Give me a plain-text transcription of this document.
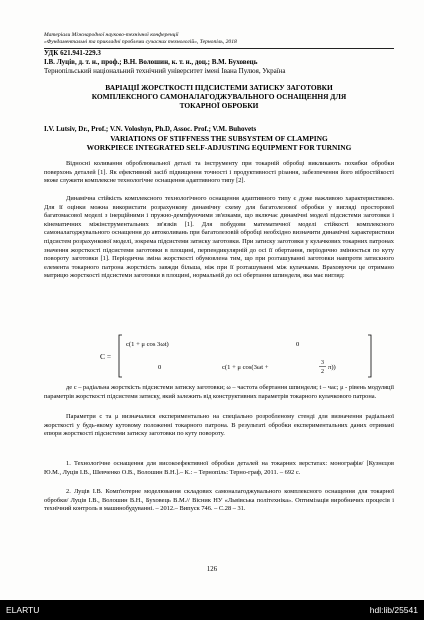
Матеріали Міжнародної науково-технічної конференції
«Фундаментальні та прикладні проблеми сучасних технологій», Тернопіль, 2018
УДК 621.941-229.3
І.В. Луців, д. т. н., проф.; В.Н. Волошин, к. т. н., доц.; В.М. Буховець
Тернопільський національний технічний університет імені Івана Пулюя, Україна
ВАРІАЦІЇ ЖОРСТКОСТІ ПІДСИСТЕМИ ЗАТИСКУ ЗАГОТОВКИ
КОМПЛЕКСНОГО САМОНАЛАГОДЖУВАЛЬНОГО ОСНАЩЕННЯ ДЛЯ
ТОКАРНОЇ ОБРОБКИ
I.V. Lutsiv, Dr., Prof.; V.N. Voloshyn, Ph.D, Assoc. Prof.; V.M. Buhovets
VARIATIONS OF STIFFNESS THE SUBSYSTEM OF CLAMPING
WORKPIECE INTEGRATED SELF-ADJUSTING EQUIPMENT FOR TURNING
Відносні коливання оброблювальної деталі та інструменту при токарній обробці викликають похибки обробки поверхонь деталей [1]. Як ефективний засіб підвищення точності і продуктивності різання, забезпечення його вібростійкості може служити комплексне технологічне оснащення адаптивного типу [2].
Динамічна стійкість комплексного технологічного оснащення адаптивного типу є дуже важливою характеристикою. Для її оцінки можна використати розрахункову динамічну схему для багатолезової обробки у вигляді просторової багатомасової моделі з інерційними і пружно-демпфуючими зв'язками, що включає динамічні моделі підсистеми заготовки і кінематичних міжінструментальних зв'язків [1]. Для побудови математичної моделі стійкості комплексного самоналагоджувального оснащення до автоколивань при багатолезовій обробці необхідно визначити динамічні характеристики підсистем розрахункової моделі, зокрема підсистеми затиску заготовки. При затиску заготовки у кулачкових токарних патронах значення жорсткості підсистеми заготовки в площині, перпендикулярній до осі її обертання, періодично змінюється по куту повороту заготовки [1]. Періодична зміна жорсткості обумовлена тим, що при розташуванні заготовки навпроти затискного елемента токарного патрона жорсткість завжди більша, ніж при її розташуванні між кулачками. Враховуючи це отримано матрицю жорсткості підсистеми заготовки в площині, нормальній до осі обертання шпинделя, яка має вигляд:
C =
c(1 + μ cos 3ωt)	0
0	c(1 + μ cos(3ωt +
3
2
π))
де c – радіальна жорсткість підсистеми затиску заготовки; ω – частота обертання шпинделя; t – час; μ - рівень модуляції параметрів жорсткості підсистеми затиску, який залежить від конструктивних параметрів токарного кулачкового патрона.
Параметри c та μ визначалися експериментально на спеціально розробленому стенді для визначення радіальної жорсткості у будь-якому кутовому положенні токарного патрона. В результаті обробки експериментальних даних отримані епюри жорсткості підсистеми затиску заготовки по куту повороту.
1. Технологічне оснащення для високоефективної обробки деталей на токарних верстатах: монографія/ [Кузнєцов Ю.М., Луців І.В., Шевченко О.В., Волошин В.Н.].– К.: – Тернопіль: Терно-граф, 2011. – 692 с.
2. Луців І.В. Комп'ютерне моделювання складових самоналагоджувального комплексного оснащення для токарної обробки/ Луців І.В., Волошин В.Н., Буховець В.М.// Вісник НУ «Львівська політехніка». Оптимізація виробничих процесів і технічний контроль в машинобудуванні. – 2012.– Випуск 746. – С.28 – 31.
126
ELARTU	hdl:lib/25541
